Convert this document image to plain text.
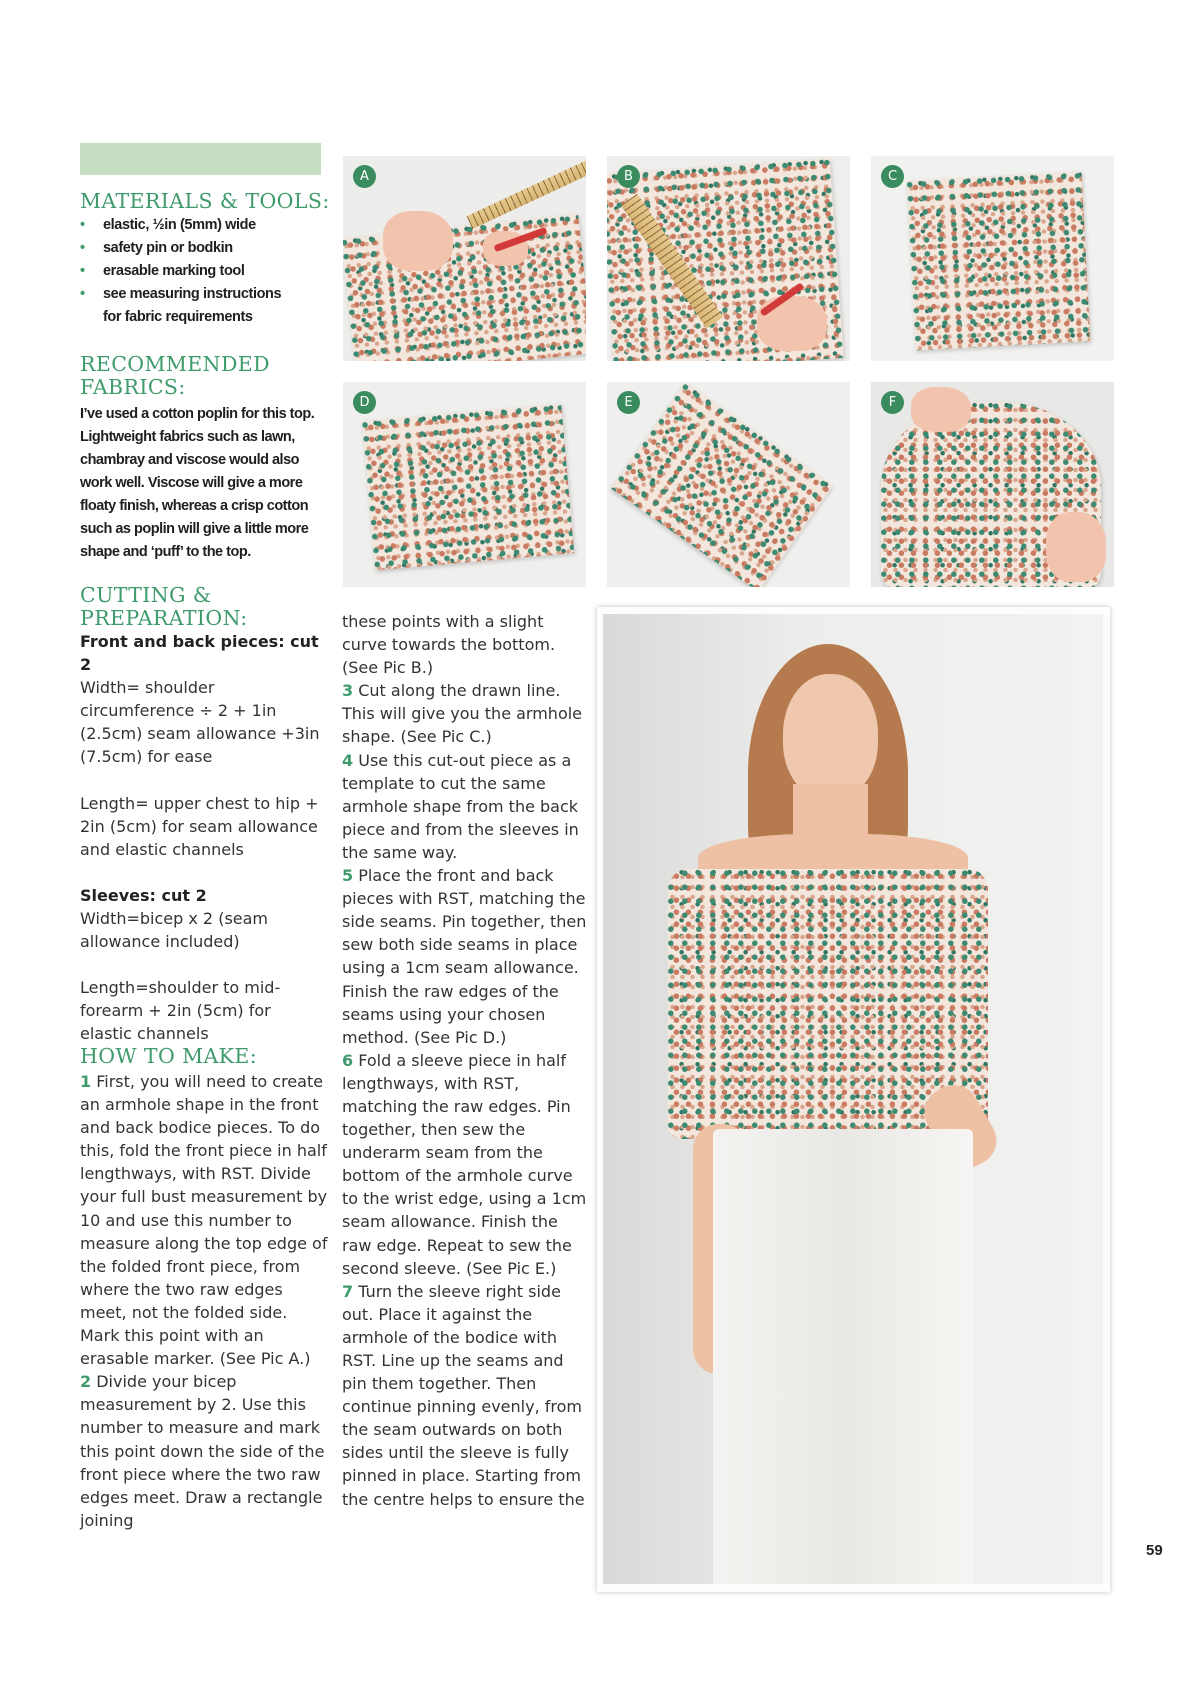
MATERIALS & TOOLS:
• elastic, ½in (5mm) wide
• safety pin or bodkin
• erasable marking tool
• see measuring instructions for fabric requirements
RECOMMENDED
FABRICS:

I’ve used a cotton poplin for this top. Lightweight fabrics such as lawn, chambray and viscose would also work well. Viscose will give a more floaty finish, whereas a crisp cotton such as poplin will give a little more shape and ‘puff’ to the top.

CUTTING &
PREPARATION:

Front and back pieces: cut 2

Width= shoulder circumference ÷ 2 + 1in (2.5cm) seam allowance +3in (7.5cm) for ease

Length= upper chest to hip + 2in (5cm) for seam allowance and elastic channels

Sleeves: cut 2

Width=bicep x 2 (seam allowance included)

Length=shoulder to mid-forearm + 2in (5cm) for elastic channels

HOW TO MAKE:

1 First, you will need to create an armhole shape in the front and back bodice pieces. To do this, fold the front piece in half lengthways, with RST. Divide your full bust measurement by 10 and use this number to measure along the top edge of the folded front piece, from where the two raw edges meet, not the folded side. Mark this point with an erasable marker. (See Pic A.)

2 Divide your bicep measurement by 2. Use this number to measure and mark this point down the side of the front piece where the two raw edges meet. Draw a rectangle joining

these points with a slight curve towards the bottom. (See Pic B.)

3 Cut along the drawn line. This will give you the armhole shape. (See Pic C.)

4 Use this cut-out piece as a template to cut the same armhole shape from the back piece and from the sleeves in the same way.

5 Place the front and back pieces with RST, matching the side seams. Pin together, then sew both side seams in place using a 1cm seam allowance. Finish the raw edges of the seams using your chosen method. (See Pic D.)

6 Fold a sleeve piece in half lengthways, with RST, matching the raw edges. Pin together, then sew the underarm seam from the bottom of the armhole curve to the wrist edge, using a 1cm seam allowance. Finish the raw edge. Repeat to sew the second sleeve. (See Pic E.)

7 Turn the sleeve right side out. Place it against the armhole of the bodice with RST. Line up the seams and pin them together. Then continue pinning evenly, from the seam outwards on both sides until the sleeve is fully pinned in place. Starting from the centre helps to ensure the

A	B	C
D	E	F
59
